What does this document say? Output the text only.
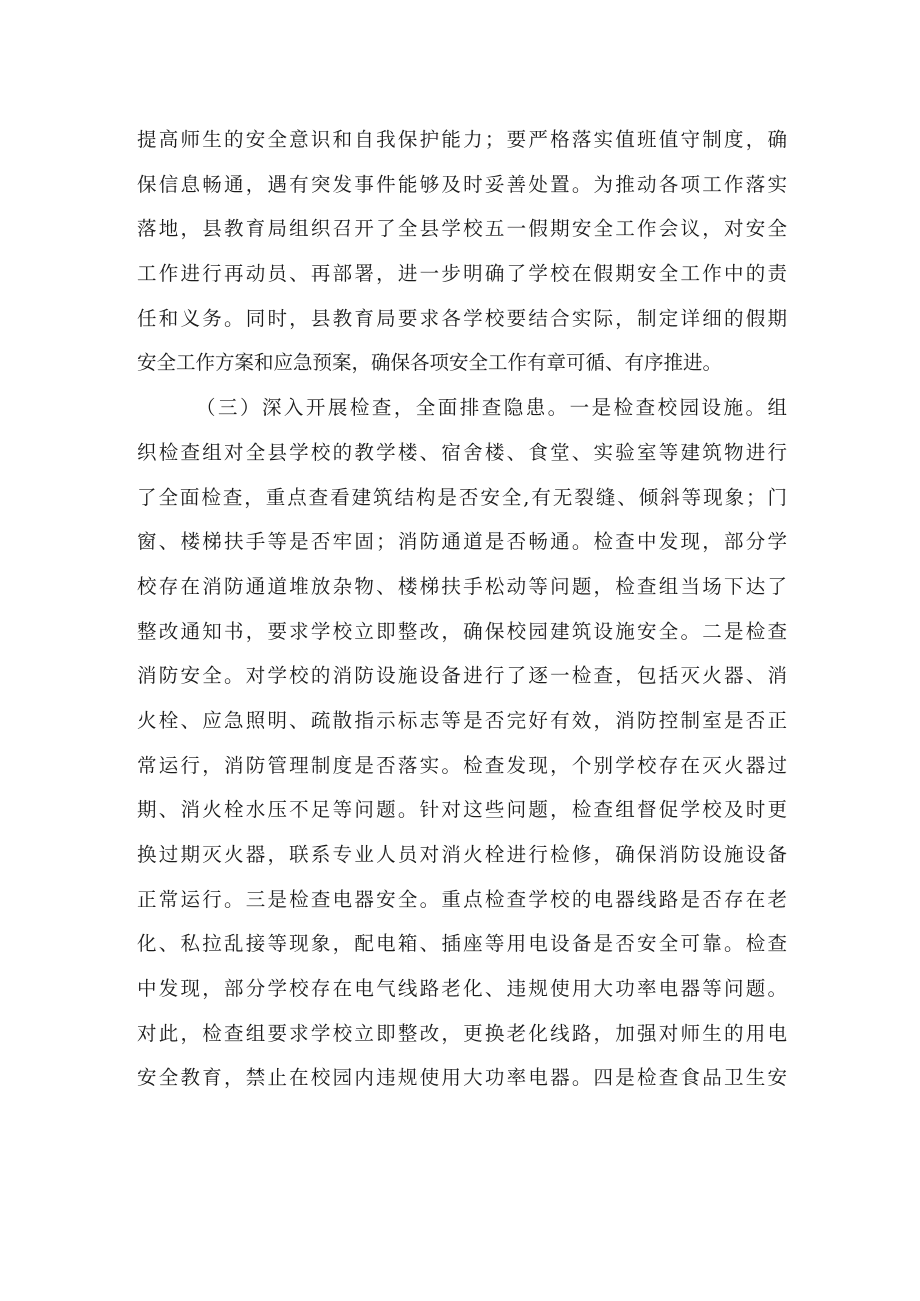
提高师生的安全意识和自我保护能力；要严格落实值班值守制度，确
保信息畅通，遇有突发事件能够及时妥善处置。为推动各项工作落实
落地，县教育局组织召开了全县学校五一假期安全工作会议，对安全
工作进行再动员、再部署，进一步明确了学校在假期安全工作中的责
任和义务。同时，县教育局要求各学校要结合实际，制定详细的假期
安全工作方案和应急预案，确保各项安全工作有章可循、有序推进。
（三）深入开展检查，全面排查隐患。一是检查校园设施。组
织检查组对全县学校的教学楼、宿舍楼、食堂、实验室等建筑物进行
了全面检查，重点查看建筑结构是否安全,有无裂缝、倾斜等现象；门
窗、楼梯扶手等是否牢固；消防通道是否畅通。检查中发现，部分学
校存在消防通道堆放杂物、楼梯扶手松动等问题，检查组当场下达了
整改通知书，要求学校立即整改，确保校园建筑设施安全。二是检查
消防安全。对学校的消防设施设备进行了逐一检查，包括灭火器、消
火栓、应急照明、疏散指示标志等是否完好有效，消防控制室是否正
常运行，消防管理制度是否落实。检查发现，个别学校存在灭火器过
期、消火栓水压不足等问题。针对这些问题，检查组督促学校及时更
换过期灭火器，联系专业人员对消火栓进行检修，确保消防设施设备
正常运行。三是检查电器安全。重点检查学校的电器线路是否存在老
化、私拉乱接等现象，配电箱、插座等用电设备是否安全可靠。检查
中发现，部分学校存在电气线路老化、违规使用大功率电器等问题。
对此，检查组要求学校立即整改，更换老化线路，加强对师生的用电
安全教育，禁止在校园内违规使用大功率电器。四是检查食品卫生安
